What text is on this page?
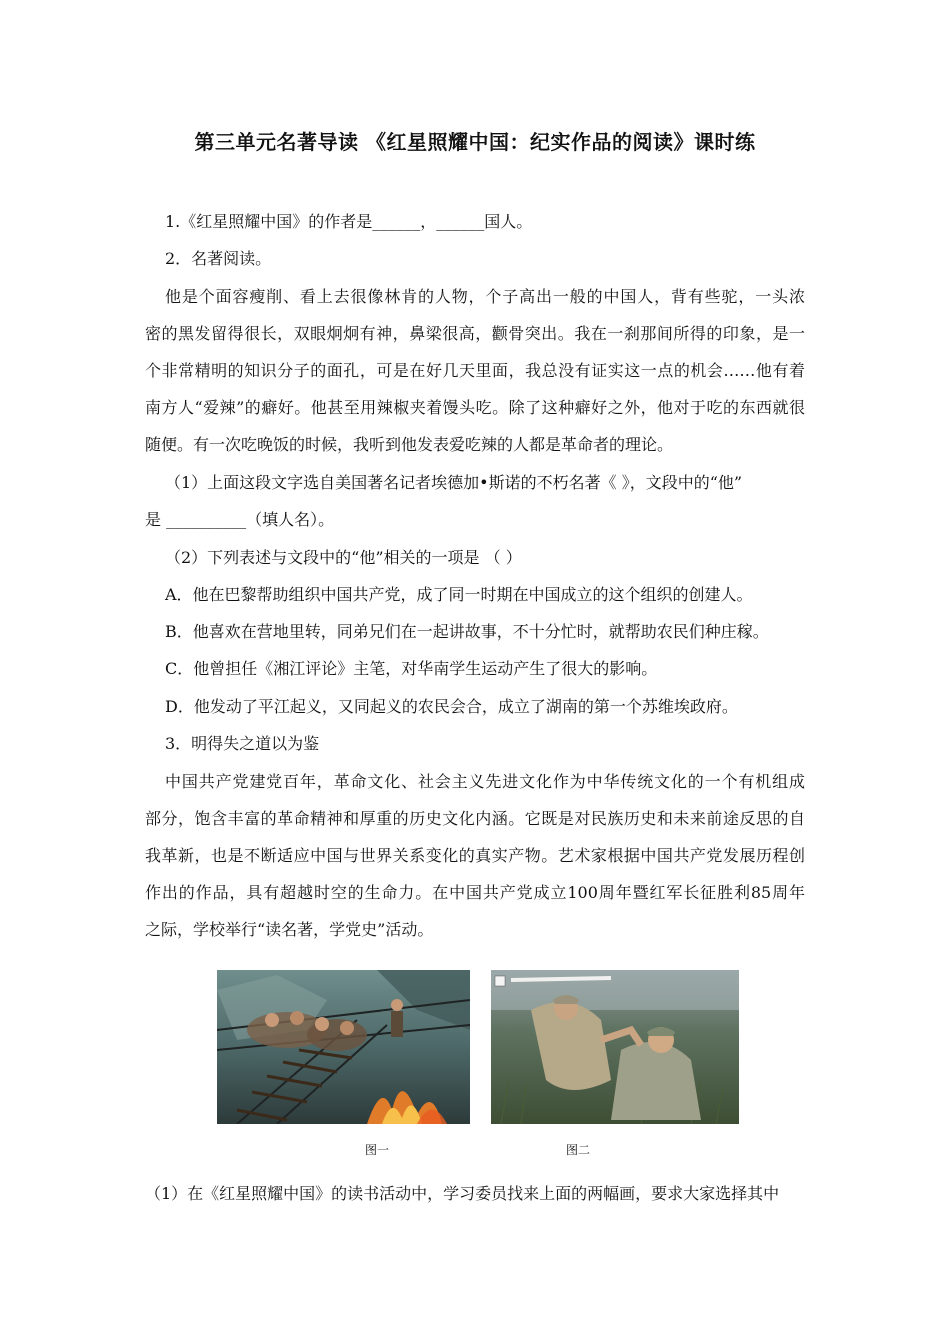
第三单元名著导读 《红星照耀中国：纪实作品的阅读》课时练
1.《红星照耀中国》的作者是______，______国人。
2．名著阅读。
他是个面容瘦削、看上去很像林肯的人物，个子高出一般的中国人，背有些驼，一头浓
密的黑发留得很长，双眼炯炯有神，鼻梁很高，颧骨突出。我在一刹那间所得的印象，是一
个非常精明的知识分子的面孔，可是在好几天里面，我总没有证实这一点的机会……他有着
南方人“爱辣”的癖好。他甚至用辣椒夹着馒头吃。除了这种癖好之外，他对于吃的东西就很
随便。有一次吃晚饭的时候，我听到他发表爱吃辣的人都是革命者的理论。
（1）上面这段文字选自美国著名记者埃德加•斯诺的不朽名著《 》，文段中的“他”
是 __________（填人名）。
（2）下列表述与文段中的“他”相关的一项是 （ ）
A．他在巴黎帮助组织中国共产党，成了同一时期在中国成立的这个组织的创建人。
B．他喜欢在营地里转，同弟兄们在一起讲故事，不十分忙时，就帮助农民们种庄稼。
C．他曾担任《湘江评论》主笔，对华南学生运动产生了很大的影响。
D．他发动了平江起义，又同起义的农民会合，成立了湖南的第一个苏维埃政府。
3．明得失之道以为鉴
中国共产党建党百年，革命文化、社会主义先进文化作为中华传统文化的一个有机组成
部分，饱含丰富的革命精神和厚重的历史文化内涵。它既是对民族历史和未来前途反思的自
我革新，也是不断适应中国与世界关系变化的真实产物。艺术家根据中国共产党发展历程创
作出的作品，具有超越时空的生命力。在中国共产党成立100周年暨红军长征胜利85周年
之际，学校举行“读名著，学党史”活动。
图一	图二
（1）在《红星照耀中国》的读书活动中，学习委员找来上面的两幅画，要求大家选择其中
